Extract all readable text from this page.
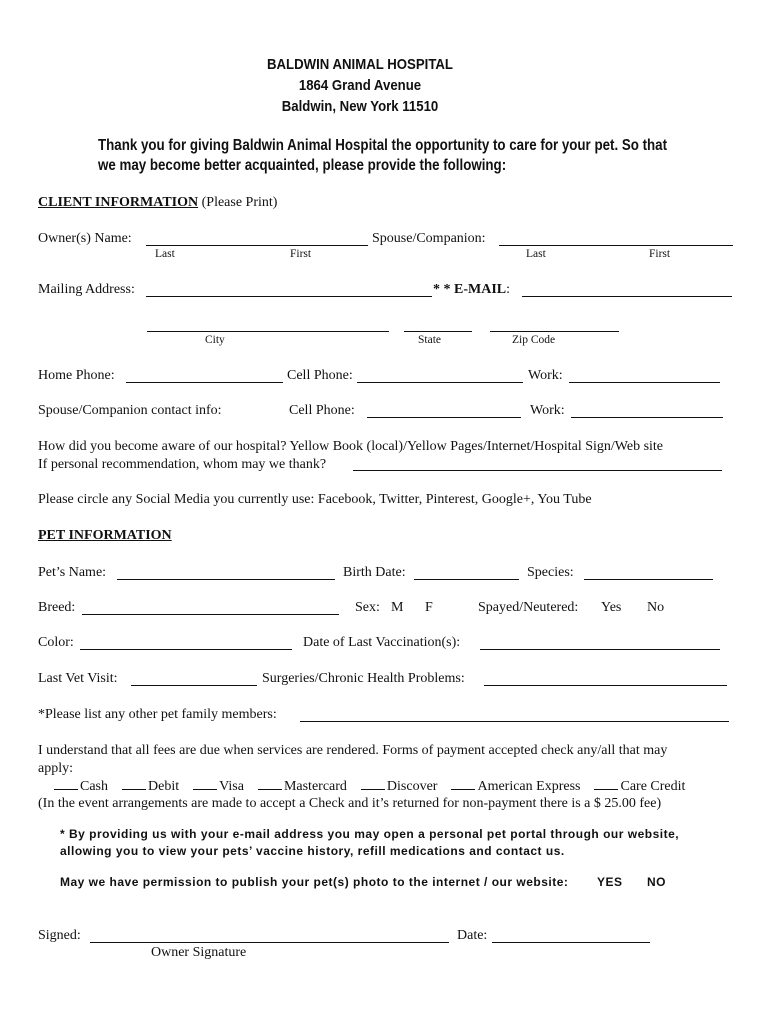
BALDWIN ANIMAL HOSPITAL
1864 Grand Avenue
Baldwin, New York 11510
Thank you for giving Baldwin Animal Hospital the opportunity to care for your pet. So that
we may become better acquainted, please provide the following:
CLIENT INFORMATION (Please Print)
Owner(s) Name:	Spouse/Companion:
Last	First	Last	First
Mailing Address:	* * E-MAIL:
City	State	Zip Code
Home Phone:	Cell Phone:	Work:
Spouse/Companion contact info:	Cell Phone:	Work:
How did you become aware of our hospital? Yellow Book (local)/Yellow Pages/Internet/Hospital Sign/Web site
If personal recommendation, whom may we thank?
Please circle any Social Media you currently use: Facebook, Twitter, Pinterest, Google+, You Tube
PET INFORMATION
Pet’s Name:	Birth Date:	Species:
Breed:	Sex: M F	Spayed/Neutered: Yes No
Color:	Date of Last Vaccination(s):
Last Vet Visit:	Surgeries/Chronic Health Problems:
*Please list any other pet family members:
I understand that all fees are due when services are rendered. Forms of payment accepted check any/all that may
apply:
Cash	Debit	Visa	Mastercard	Discover	American Express	Care Credit
(In the event arrangements are made to accept a Check and it’s returned for non-payment there is a $ 25.00 fee)
* By providing us with your e-mail address you may open a personal pet portal through our website,
allowing you to view your pets’ vaccine history, refill medications and contact us.
May we have permission to publish your pet(s) photo to the internet / our website: YES NO
Signed:	Date:
Owner Signature
